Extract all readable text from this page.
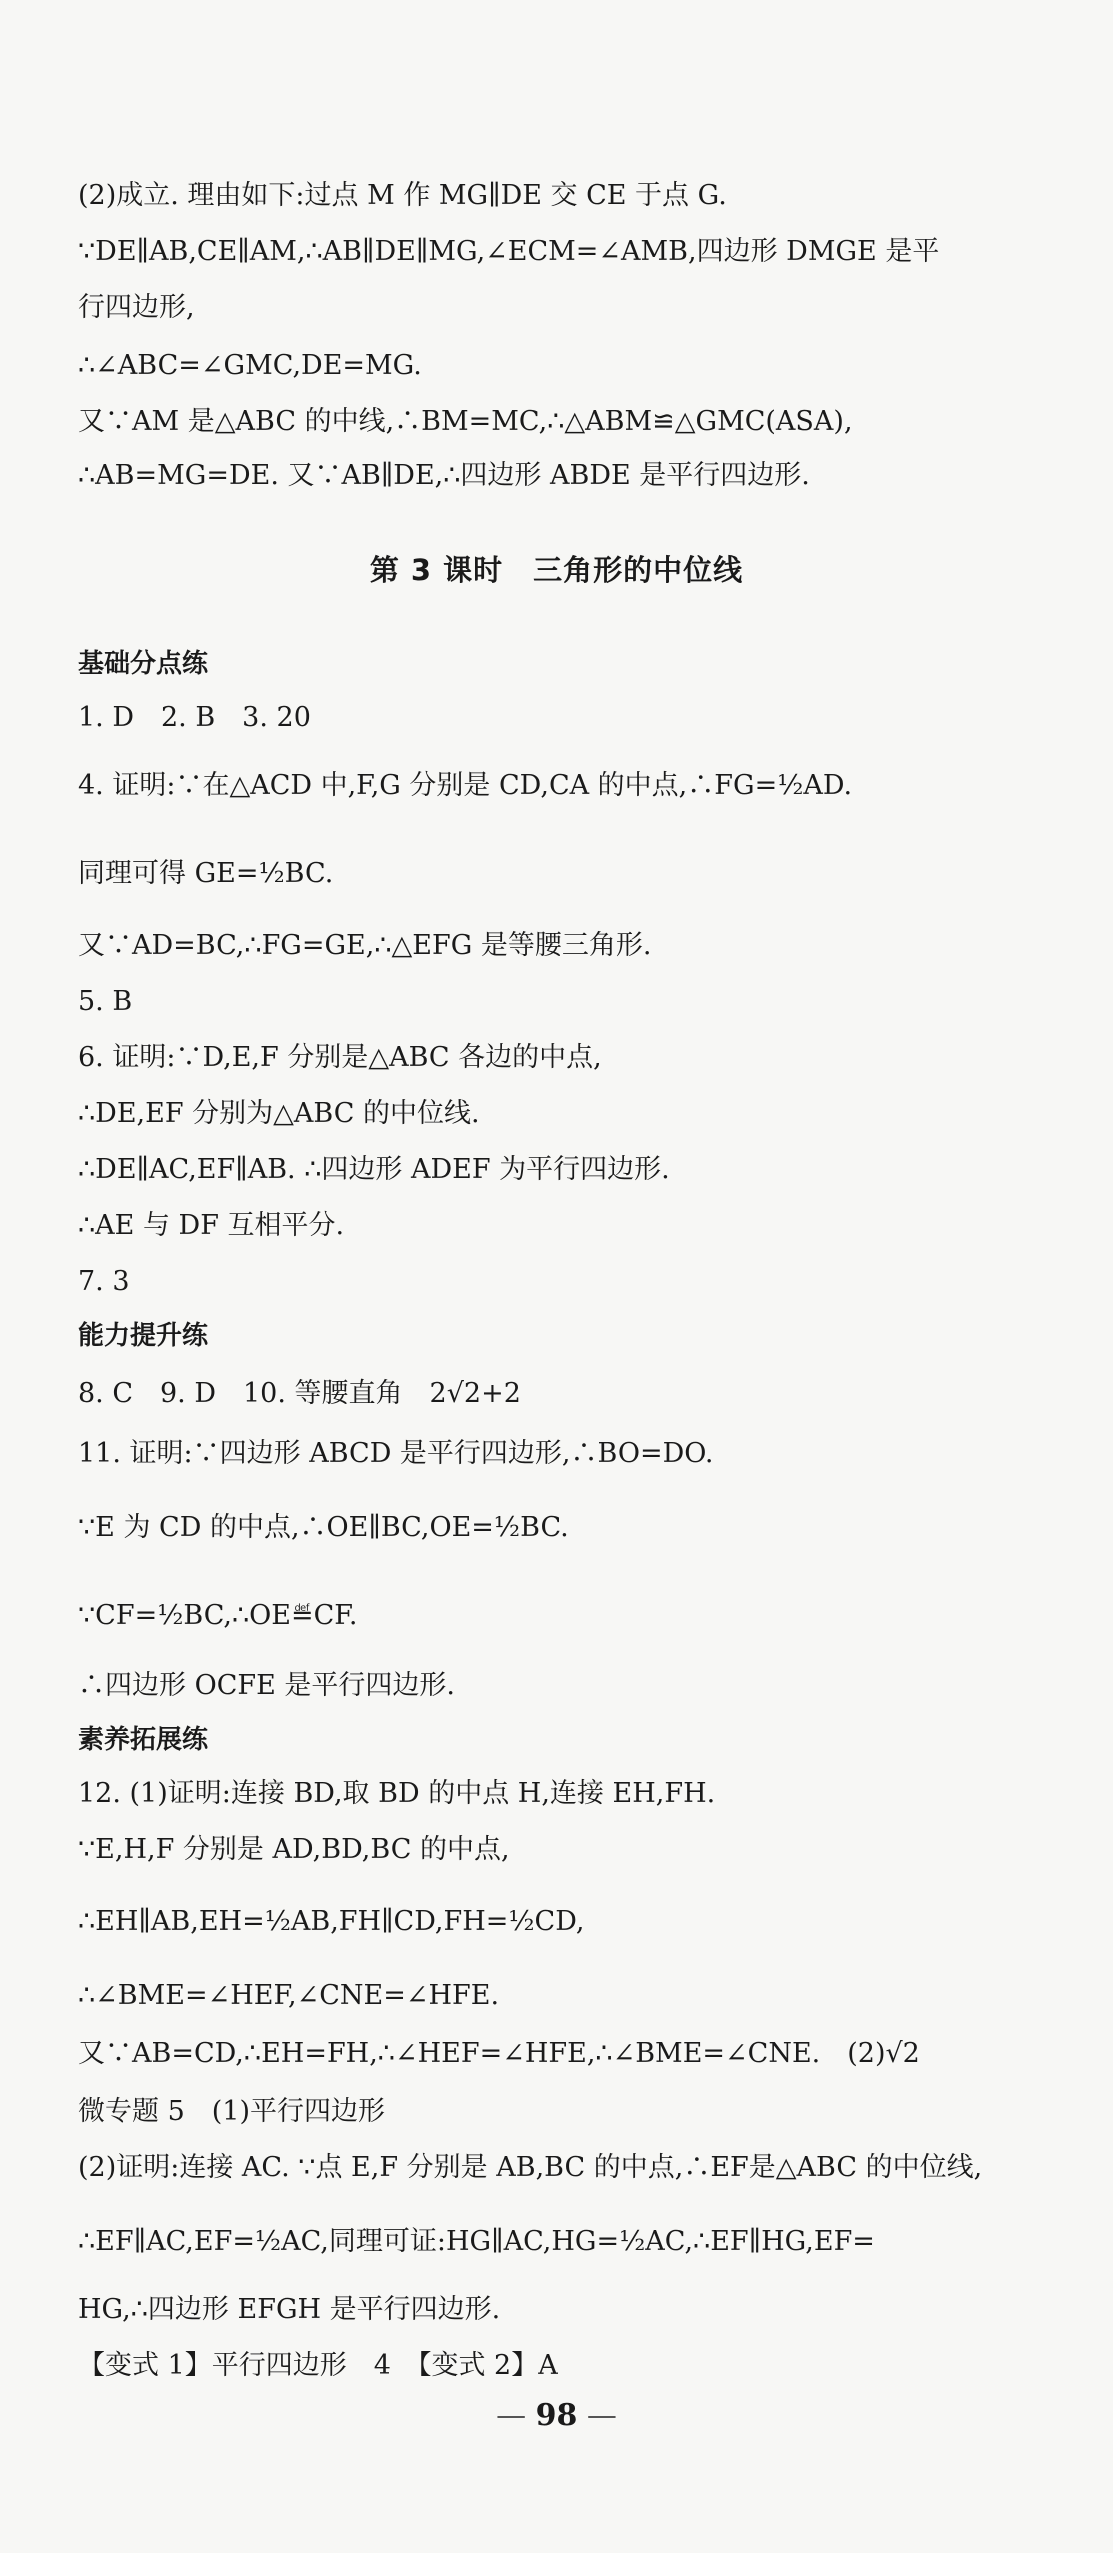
(2)成立. 理由如下:过点 M 作 MG∥DE 交 CE 于点 G.
∵DE∥AB,CE∥AM,∴AB∥DE∥MG,∠ECM=∠AMB,四边形 DMGE 是平
行四边形,
∴∠ABC=∠GMC,DE=MG.
又∵AM 是△ABC 的中线,∴BM=MC,∴△ABM≌△GMC(ASA),
∴AB=MG=DE. 又∵AB∥DE,∴四边形 ABDE 是平行四边形.
第 3 课时　三角形的中位线
基础分点练
1. D　2. B　3. 20
4. 证明:∵在△ACD 中,F,G 分别是 CD,CA 的中点,∴FG=½AD.
同理可得 GE=½BC.
又∵AD=BC,∴FG=GE,∴△EFG 是等腰三角形.
5. B
6. 证明:∵D,E,F 分别是△ABC 各边的中点,
∴DE,EF 分别为△ABC 的中位线.
∴DE∥AC,EF∥AB. ∴四边形 ADEF 为平行四边形.
∴AE 与 DF 互相平分.
7. 3
能力提升练
8. C　9. D　10. 等腰直角　2√2+2
11. 证明:∵四边形 ABCD 是平行四边形,∴BO=DO.
∵E 为 CD 的中点,∴OE∥BC,OE=½BC.
∵CF=½BC,∴OE≝CF.
∴四边形 OCFE 是平行四边形.
素养拓展练
12. (1)证明:连接 BD,取 BD 的中点 H,连接 EH,FH.
∵E,H,F 分别是 AD,BD,BC 的中点,
∴EH∥AB,EH=½AB,FH∥CD,FH=½CD,
∴∠BME=∠HEF,∠CNE=∠HFE.
又∵AB=CD,∴EH=FH,∴∠HEF=∠HFE,∴∠BME=∠CNE.　(2)√2
微专题 5　(1)平行四边形
(2)证明:连接 AC. ∵点 E,F 分别是 AB,BC 的中点,∴EF是△ABC 的中位线,
∴EF∥AC,EF=½AC,同理可证:HG∥AC,HG=½AC,∴EF∥HG,EF=
HG,∴四边形 EFGH 是平行四边形.
【变式 1】平行四边形　4　【变式 2】A
— 98 —
